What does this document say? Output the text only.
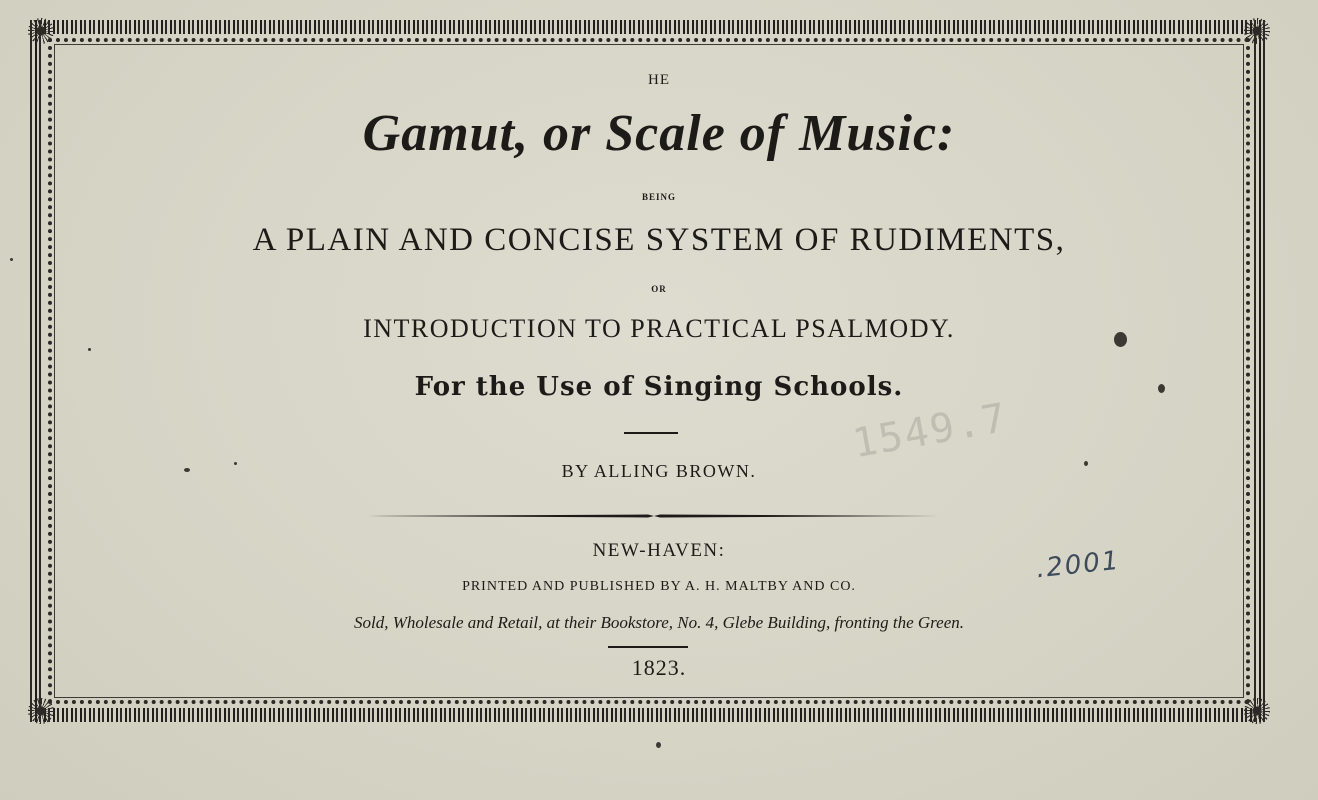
1549.7
HE
Gamut, or Scale of Music:
BEING
A PLAIN AND CONCISE SYSTEM OF RUDIMENTS,
OR
INTRODUCTION TO PRACTICAL PSALMODY.
For the Use of Singing Schools.
BY ALLING BROWN.
NEW-HAVEN:
PRINTED AND PUBLISHED BY A. H. MALTBY AND CO.
Sold, Wholesale and Retail, at their Bookstore, No. 4, Glebe Building, fronting the Green.
1823.
.2001
